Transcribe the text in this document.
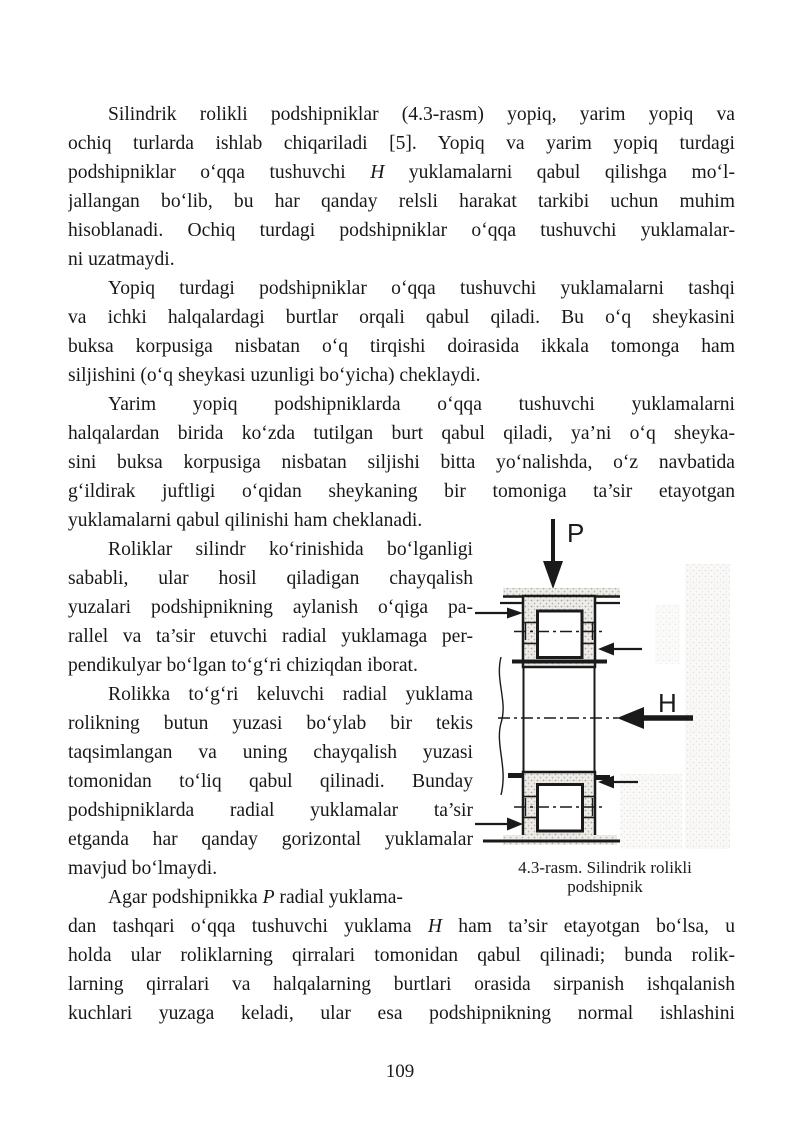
Silindrik rolikli podshipniklar (4.3-rasm) yopiq, yarim yopiq va
ochiq turlarda ishlab chiqariladi [5]. Yopiq va yarim yopiq turdagi
podshipniklar o‘qqa tushuvchi H yuklamalarni qabul qilishga mo‘l-
jallangan bo‘lib, bu har qanday relsli harakat tarkibi uchun muhim
hisoblanadi. Ochiq turdagi podshipniklar o‘qqa tushuvchi yuklamalar-
ni uzatmaydi.
Yopiq turdagi podshipniklar o‘qqa tushuvchi yuklamalarni tashqi
va ichki halqalardagi burtlar orqali qabul qiladi. Bu o‘q sheykasini
buksa korpusiga nisbatan o‘q tirqishi doirasida ikkala tomonga ham
siljishini (o‘q sheykasi uzunligi bo‘yicha) cheklaydi.
Yarim yopiq podshipniklarda o‘qqa tushuvchi yuklamalarni
halqalardan birida ko‘zda tutilgan burt qabul qiladi, ya’ni o‘q sheyka-
sini buksa korpusiga nisbatan siljishi bitta yo‘nalishda, o‘z navbatida
g‘ildirak juftligi o‘qidan sheykaning bir tomoniga ta’sir etayotgan
yuklamalarni qabul qilinishi ham cheklanadi.	P
H
4.3-rasm. Silindrik rolikli
podshipnik
Roliklar silindr ko‘rinishida bo‘lganligi
sababli, ular hosil qiladigan chayqalish
yuzalari podshipnikning aylanish o‘qiga pa-
rallel va ta’sir etuvchi radial yuklamaga per-
pendikulyar bo‘lgan to‘g‘ri chiziqdan iborat.
Rolikka to‘g‘ri keluvchi radial yuklama
rolikning butun yuzasi bo‘ylab bir tekis
taqsimlangan va uning chayqalish yuzasi
tomonidan to‘liq qabul qilinadi. Bunday
podshipniklarda radial yuklamalar ta’sir
etganda har qanday gorizontal yuklamalar
mavjud bo‘lmaydi.
Agar podshipnikka P radial yuklama-
dan tashqari o‘qqa tushuvchi yuklama H ham ta’sir etayotgan bo‘lsa, u
holda ular roliklarning qirralari tomonidan qabul qilinadi; bunda rolik-
larning qirralari va halqalarning burtlari orasida sirpanish ishqalanish
kuchlari yuzaga keladi, ular esa podshipnikning normal ishlashini
109
